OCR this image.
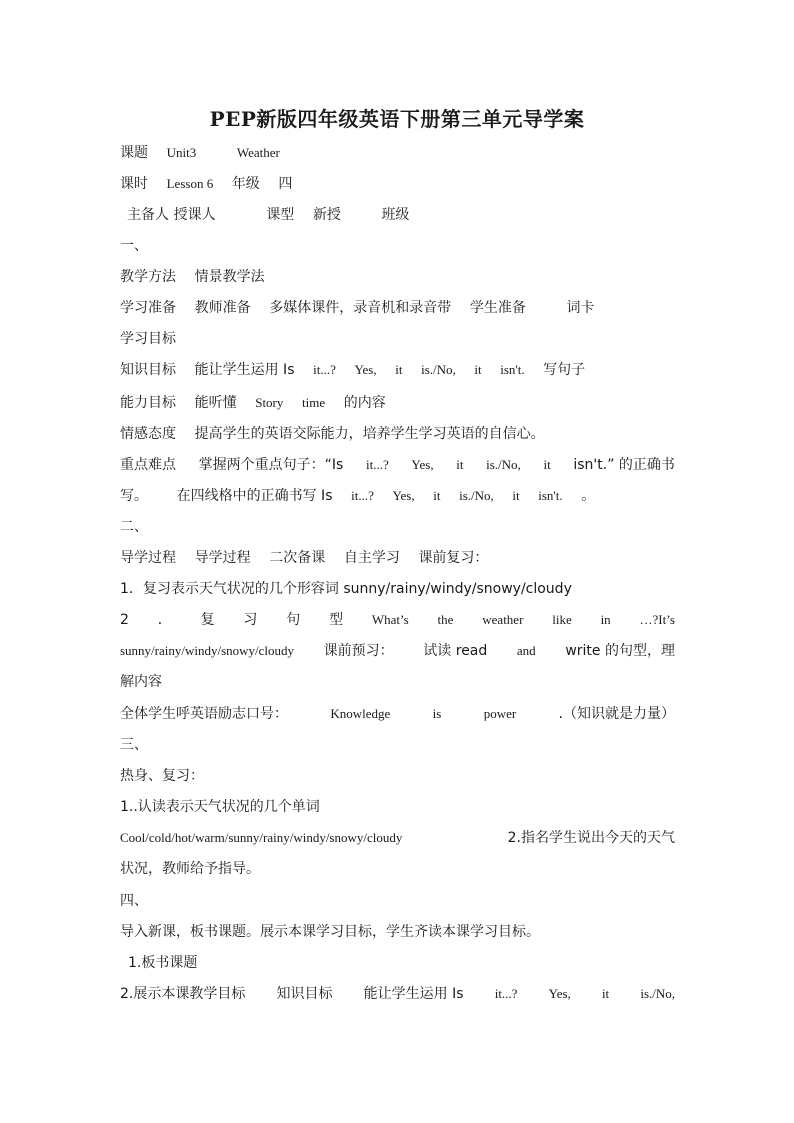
PEP新版四年级英语下册第三单元导学案
课题 Unit3	Weather
课时 Lesson 6 年级 四
主备人 授课人	课型 新授	班级
一、
教学方法 情景教学法
学习准备 教师准备 多媒体课件，录音机和录音带 学生准备	词卡
学习目标
知识目标 能让学生运用 Is it...? Yes, it is./No, it isn't. 写句子
能力目标 能听懂 Story time 的内容
情感态度 提高学生的英语交际能力，培养学生学习英语的自信心。
重点难点 掌握两个重点句子：“Is it...? Yes, it is./No, it isn't.” 的正确书
写。 在四线格中的正确书写 Is it...? Yes, it is./No, it isn't. 。
二、
导学过程 导学过程 二次备课 自主学习 课前复习：
1．复习表示天气状况的几个形容词 sunny/rainy/windy/snowy/cloudy
2 ． 复 习 句 型 What’s the weather like in …?It’s
sunny/rainy/windy/snowy/cloudy 课前预习： 试读 read and write 的句型，理
解内容
全体学生呼英语励志口号：	Knowledge	is	power	.（知识就是力量）
三、
热身、复习：
1..认读表示天气状况的几个单词
Cool/cold/hot/warm/sunny/rainy/windy/snowy/cloudy	2.指名学生说出今天的天气
状况，教师给予指导。
四、
导入新课，板书课题。展示本课学习目标，学生齐读本课学习目标。
1.板书课题
2.展示本课教学目标 知识目标 能让学生运用 Is it...? Yes, it is./No,
